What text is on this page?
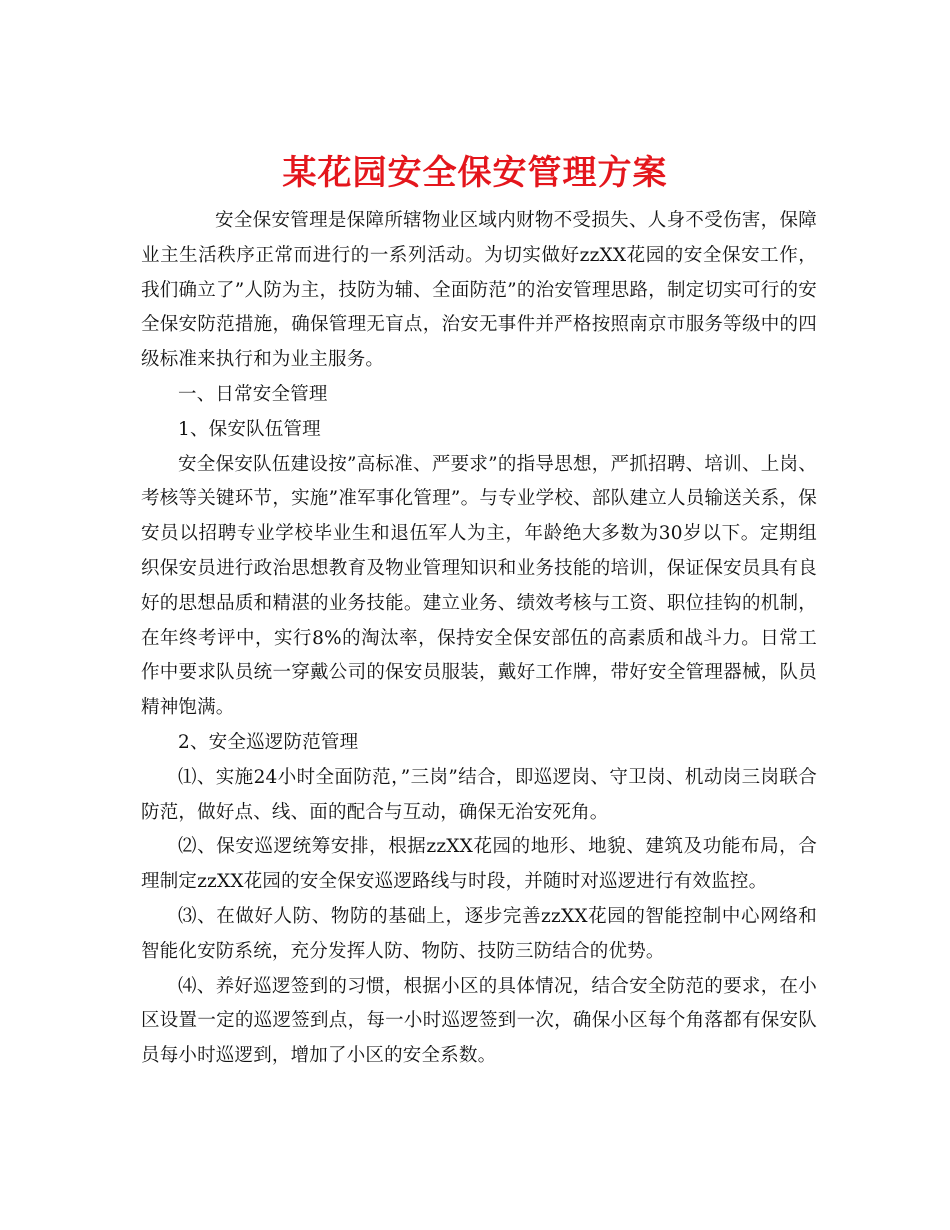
某花园安全保安管理方案

安全保安管理是保障所辖物业区域内财物不受损失、人身不受伤害，保障业主生活秩序正常而进行的一系列活动。为切实做好zzXX花园的安全保安工作，我们确立了”人防为主，技防为辅、全面防范”的治安管理思路，制定切实可行的安全保安防范措施，确保管理无盲点，治安无事件并严格按照南京市服务等级中的四级标准来执行和为业主服务。

一、日常安全管理

1、保安队伍管理

安全保安队伍建设按”高标准、严要求”的指导思想，严抓招聘、培训、上岗、考核等关键环节，实施”准军事化管理”。与专业学校、部队建立人员输送关系，保安员以招聘专业学校毕业生和退伍军人为主，年龄绝大多数为30岁以下。定期组织保安员进行政治思想教育及物业管理知识和业务技能的培训，保证保安员具有良好的思想品质和精湛的业务技能。建立业务、绩效考核与工资、职位挂钩的机制，在年终考评中，实行8%的淘汰率，保持安全保安部伍的高素质和战斗力。日常工作中要求队员统一穿戴公司的保安员服装，戴好工作牌，带好安全管理器械，队员精神饱满。

2、安全巡逻防范管理

⑴、实施24小时全面防范，”三岗”结合，即巡逻岗、守卫岗、机动岗三岗联合防范，做好点、线、面的配合与互动，确保无治安死角。

⑵、保安巡逻统筹安排，根据zzXX花园的地形、地貌、建筑及功能布局，合理制定zzXX花园的安全保安巡逻路线与时段，并随时对巡逻进行有效监控。

⑶、在做好人防、物防的基础上，逐步完善zzXX花园的智能控制中心网络和智能化安防系统，充分发挥人防、物防、技防三防结合的优势。

⑷、养好巡逻签到的习惯，根据小区的具体情况，结合安全防范的要求，在小区设置一定的巡逻签到点，每一小时巡逻签到一次，确保小区每个角落都有保安队员每小时巡逻到，增加了小区的安全系数。
